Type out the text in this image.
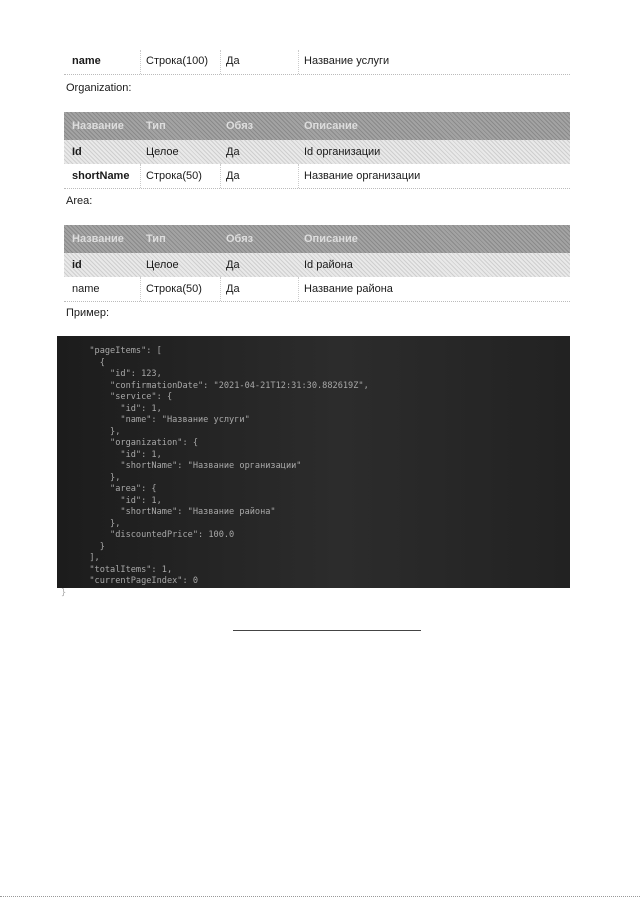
name	Строка(100) Да	Название услуги
Organization:
Название Тип	Обяз	Описание
Id	Целое	Да	Id организации
shortName Строка(50) Да	Название организации
Area:
Название Тип	Обяз	Описание
id	Целое	Да	Id района
name	Строка(50) Да	Название района
Пример:
"pageItems": [
{
"id": 123,
"confirmationDate": "2021-04-21T12:31:30.882619Z",
"service": {
"id": 1,
"name": "Название услуги"
},
"organization": {
"id": 1,
"shortName": "Название организации"
},
"area": {
"id": 1,
"shortName": "Название района"
},
"discountedPrice": 100.0
}
],
"totalItems": 1,
"currentPageIndex": 0
}
